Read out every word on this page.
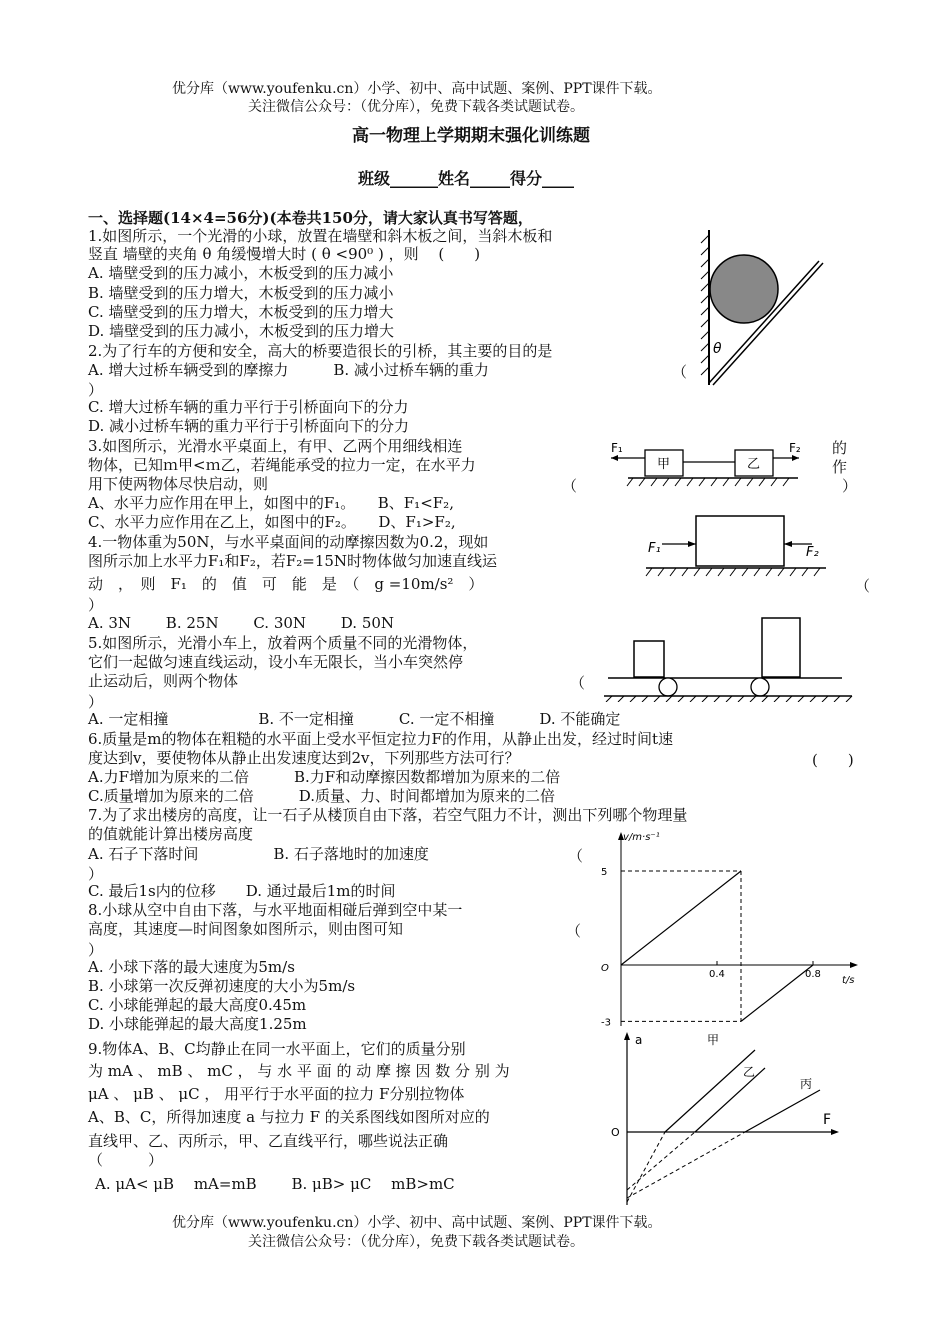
优分库（www.youfenku.cn）小学、初中、高中试题、案例、PPT课件下载。
关注微信公众号：（优分库），免费下载各类试题试卷。
高一物理上学期期末强化训练题
班级______姓名_____得分____
一、选择题(14×4=56分)(本卷共150分，请大家认真书写答题，
1.如图所示，一个光滑的小球，放置在墙壁和斜木板之间，当斜木板和
竖直 墙壁的夹角 θ 角缓慢增大时 ( θ <90⁰ ) ，则　 (　　)
A. 墙壁受到的压力减小，木板受到的压力减小
B. 墙壁受到的压力增大，木板受到的压力减小
C. 墙壁受到的压力增大，木板受到的压力增大
D. 墙壁受到的压力减小，木板受到的压力增大
θ
2.为了行车的方便和安全，高大的桥要造很长的引桥，其主要的目的是
A. 增大过桥车辆受到的摩擦力　　　B. 减小过桥车辆的重力	（
）
C. 增大过桥车辆的重力平行于引桥面向下的分力
D. 减小过桥车辆的重力平行于引桥面向下的分力
3.如图所示，光滑水平桌面上，有甲、乙两个用细线相连
物体，已知ｍ甲<ｍ乙，若绳能承受的拉力一定，在水平力
用下使两物体尽快启动，则
的
作
（	）
A、水平力应作用在甲上，如图中的F₁。　　B、F₁<F₂,
C、水平力应作用在乙上，如图中的F₂。　　D、F₁>F₂,
F₁
甲	乙
F₂
4.一物体重为50N，与水平桌面间的动摩擦因数为0.2，现如
图所示加上水平力F₁和F₂，若F₂=15N时物体做匀加速直线运
动　，　则　F₁　的　值　可　能　是　（　g =10m/s²　）	（
）
A. 3N　　 B. 25N　　 C. 30N　　 D. 50N
F₁	F₂
5.如图所示，光滑小车上，放着两个质量不同的光滑物体，
它们一起做匀速直线运动，设小车无限长，当小车突然停
止运动后，则两个物体	（
）
A. 一定相撞　　　　　　B. 不一定相撞　　　C. 一定不相撞　　　D. 不能确定
6.质量是m的物体在粗糙的水平面上受水平恒定拉力F的作用，从静止出发，经过时间t速
度达到v，要使物体从静止出发速度达到2v，下列那些方法可行？	(　　)
A.力F增加为原来的二倍　　　B.力F和动摩擦因数都增加为原来的二倍
C.质量增加为原来的二倍　　　D.质量、力、时间都增加为原来的二倍
7.为了求出楼房的高度，让一石子从楼顶自由下落，若空气阻力不计，测出下列哪个物理量
的值就能计算出楼房高度
A. 石子下落时间　　　　　B. 石子落地时的加速度	（
）
C. 最后1s内的位移　　D. 通过最后1m的时间
8.小球从空中自由下落，与水平地面相碰后弹到空中某一
高度，其速度—时间图象如图所示，则由图可知	（
）
A. 小球下落的最大速度为5m/s
B. 小球第一次反弹初速度的大小为5m/s
C. 小球能弹起的最大高度0.45m
D. 小球能弹起的最大高度1.25m
v/m·s⁻¹
t/s
O
5
-3
0.4	0.8
9.物体A、B、C均静止在同一水平面上，它们的质量分别
为 mA 、 mB 、 mC ， 与 水 平 面 的 动 摩 擦 因 数 分 别 为
μA 、 μB 、 μC ， 用平行于水平面的拉力 F分别拉物体
A、B、C，所得加速度 a 与拉力 F 的关系图线如图所对应的
直线甲、乙、丙所示，甲、乙直线平行，哪些说法正确
（　　　）
A. μA< μB　 mA=mB　　 B. μB> μC　 mB>mC
a
F
O
甲
乙
丙
优分库（www.youfenku.cn）小学、初中、高中试题、案例、PPT课件下载。
关注微信公众号：（优分库），免费下载各类试题试卷。
